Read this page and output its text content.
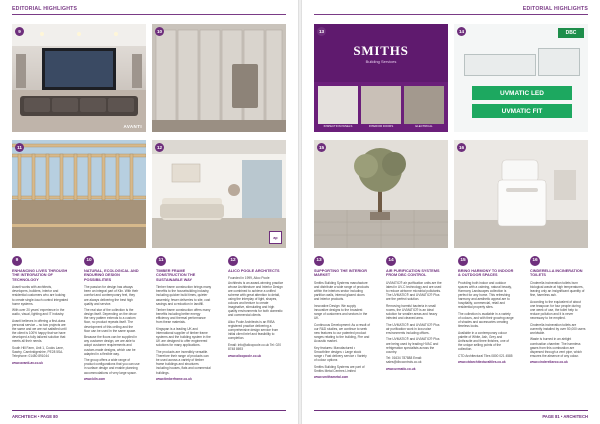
EDITORIAL HIGHLIGHTS
9
AVANTI
10
11	12
ap
9
ENHANCING LIVES THROUGH THE INTEGRATION OF TECHNOLOGY

Avanti works with architects, developers, builders, interior and residential customers who are looking to create single-touch control integrated home systems.

With over 20 years' experience in the audio, visual, lighting and IT industry.

Avanti believes in offering a first-class personal service – no two projects are the same and we are not satisfied until the client is 100% happy that we have developed a fully tailored solution that meets all their needs.

South Hill Farm, Unit 1, Cooks Lane, Sawtry, Cambridgeshire, PE28 5SA. Telephone: 01480 891044

www.avanti-av.co.uk

10
NATURAL, ECOLOGICAL AND ENDURING DESIGN POSSIBILITIES

The passion for design has always been an integral part of Kiln. With their comfort and contemporary feel, they are always delivering the best high quality and service.

The real star of the collection is the design itself. Depending on the decor the very pattern extends to a custom floor, no product repeats itself. The development of this ceiling and the floor can be used in the same space.

Because the floors can be supplied in any customer design, we are able to adopt customer requirements and custom-made designs, which can be adapted in a flexible way.

The group offers a wide range of product configurations that you can use in surface design and enable planning accommodations of very large space.

www.kiln.com

11
TIMBER FRAME CONSTRUCTION THE SUSTAINABLE WAY

Timber frame construction brings many benefits to the housebuilding industry, including quicker build times, quieter assembly, fewer deliveries to site, cost savings and a reduction in landfill.

Timber frame construction offers many benefits including better energy efficiency and thermal performance from these materials.

Kingspan is a leading UK and international supplier of timber frame systems and the building system in the UK are designed to offer engineered solutions for many applications.

The products are incredibly versatile. Therefore their range of products can be used across a variety of timber frame buildings and structures including houses, flats and commercial buildings.

www.timberframe.co.uk

12
ALICO POOLE ARCHITECTS

Founded in 1999, Alico Poole Architects is an award-winning practice whose Architecture and Interior Design are combined to achieve a unified scheme with great attention to detail, using the interplay of light, shapes, colours and texture to create imaginative, stimulating and high quality environments for both domestic and commercial clients.

Alico Poole Architects is an RIBA registered practice delivering a comprehensive design service from initial client brief and feasibility to completion.

Email: info@alicopoole.co.uk Tel: 020 8748 8693

www.alicopoole.co.uk

ARCHITECH • PAGE 80
EDITORIAL HIGHLIGHTS
SMITHS
Building Services
INSPECTION PANELS	INTERIOR DOORS	ELECTRICAL
13	DBC
UVMATIC LED
UVMATIC FIT
14
15	16
13
SUPPORTING THE INTERIOR MARKET

Smiths Building Systems manufacture and distribute a wide range of products within the interiors sector including partition walls, internal glazed doors and interior products.

Innovative Design: We supply innovative designs to the broadest range of customers and sectors in the UK.

Continuous Development: As a result of our R&D studies, we continue to seek new features to our patented product ranges relating to the building, Fire and Acoustic market.

Key features: Manufactured • Smoothline designs • Large stock range • Fast delivery service • Variety of colour options

Smiths Building Systems are part of Smiths Metal Centres Limited

www.smithsmetal.com

14
AIR PURIFICATION SYSTEMS FROM DBC CONTROL

UVMATIC® air purification units are the latest in UV-C technology and are used to reduce airborne microbial pollutants. The UVMATIC® and UVMATIC® Plus are the perfect solution.

Removing harmful bacteria in small rooms, the UVMATIC® is an ideal solution for smaller areas and heavy infected and cleaned area.

The UVMATIC® and UVMATIC® Plus air purification work in low-noise environments including offices.

The UVMATIC® and UVMATIC® Plus are being used by leading HVAC and refrigeration specialists across the country.

Tel: 01634 787888 Email: sales@dbccontrols.co.uk

www.uvmatic.co.uk

15
BRING HARMONY TO INDOOR & OUTDOOR SPACES

Providing both indoor and outdoor spaces with a calming, natural beauty, Harmony Landscapes collection is perfect for any home. This refreshing harmony and aesthetic appeal are to hospitality, commercial, retail and residential property sites.

The collection is available in a variety of colours, and with their growing range of shades and accessories creating timeless looks.

Available in a contemporary colour palette of White, Ash, Grey and Anthracite and three finishes, one of the unique selling points of the collection.

CTD Architectural Tiles 0800 021 4585

www.ctdarchitecturaltiles.co.uk

16
CINDERELLA INCINERATION TOILETS

Cinderella incineration toilets burn biological waste at high temperatures, leaving only an insignificant quantity of fine, harmless ash.

According to the equivalent of about one teaspoon for four people during one week of use, the toilet help to reduce pollution and it is never necessary to be emptied.

Cinderella incineration toilets are currently installed by over 50,000 users worldwide.

Waste is burned in an airtight combustion chamber. The harmless gases from this combustion are dispersed through a vent pipe, which ensures the absence of any odour.

www.cinderellaeco.co.uk

PAGE 81 • ARCHITECH
